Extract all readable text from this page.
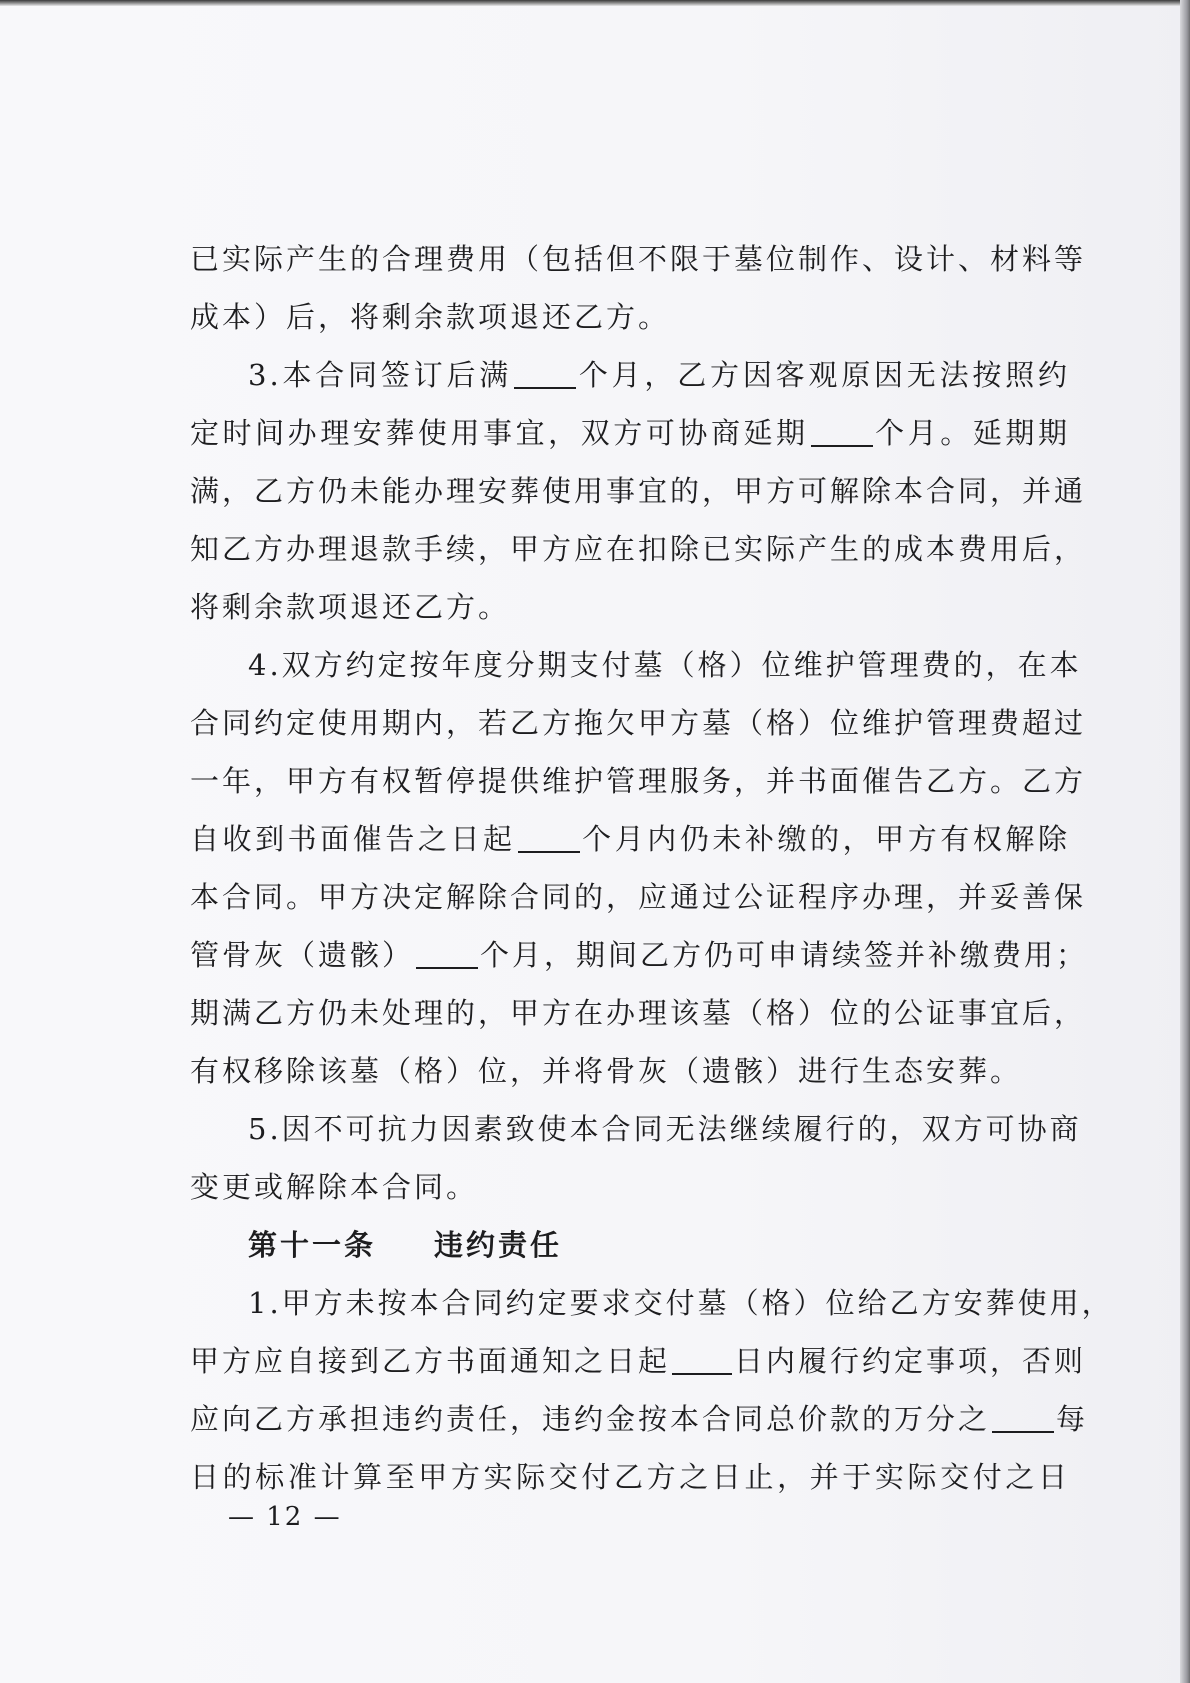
已实际产生的合理费用（包括但不限于墓位制作、设计、材料等
成本）后，将剩余款项退还乙方。
3.本合同签订后满 个月，乙方因客观原因无法按照约
定时间办理安葬使用事宜，双方可协商延期 个月。延期期
满，乙方仍未能办理安葬使用事宜的，甲方可解除本合同，并通
知乙方办理退款手续，甲方应在扣除已实际产生的成本费用后，
将剩余款项退还乙方。
4.双方约定按年度分期支付墓（格）位维护管理费的，在本
合同约定使用期内，若乙方拖欠甲方墓（格）位维护管理费超过
一年，甲方有权暂停提供维护管理服务，并书面催告乙方。乙方
自收到书面催告之日起 个月内仍未补缴的，甲方有权解除
本合同。甲方决定解除合同的，应通过公证程序办理，并妥善保
管骨灰（遗骸） 个月，期间乙方仍可申请续签并补缴费用；
期满乙方仍未处理的，甲方在办理该墓（格）位的公证事宜后，
有权移除该墓（格）位，并将骨灰（遗骸）进行生态安葬。
5.因不可抗力因素致使本合同无法继续履行的，双方可协商
变更或解除本合同。
第十一条 违约责任
1.甲方未按本合同约定要求交付墓（格）位给乙方安葬使用，
甲方应自接到乙方书面通知之日起 日内履行约定事项，否则
应向乙方承担违约责任，违约金按本合同总价款的万分之 每
日的标准计算至甲方实际交付乙方之日止，并于实际交付之日
— 12 —
